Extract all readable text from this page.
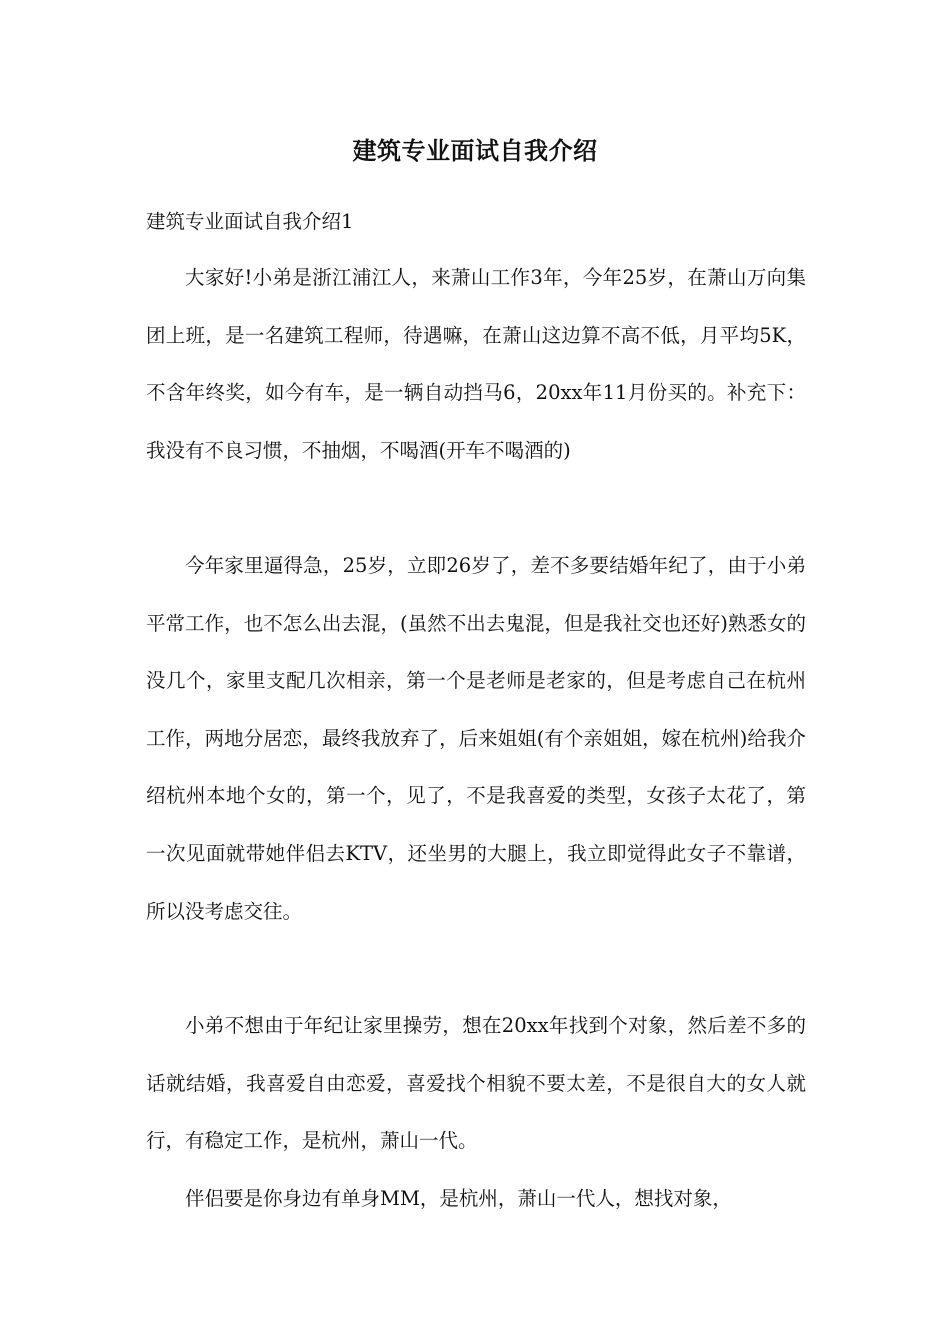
建筑专业面试自我介绍
建筑专业面试自我介绍1

大家好!小弟是浙江浦江人，来萧山工作3年，今年25岁，在萧山万向集团上班，是一名建筑工程师，待遇嘛，在萧山这边算不高不低，月平均5K，不含年终奖，如今有车，是一辆自动挡马6，20xx年11月份买的。补充下：我没有不良习惯，不抽烟，不喝酒(开车不喝酒的)

今年家里逼得急，25岁，立即26岁了，差不多要结婚年纪了，由于小弟平常工作，也不怎么出去混，(虽然不出去鬼混，但是我社交也还好)熟悉女的没几个，家里支配几次相亲，第一个是老师是老家的，但是考虑自己在杭州工作，两地分居恋，最终我放弃了，后来姐姐(有个亲姐姐，嫁在杭州)给我介绍杭州本地个女的，第一个，见了，不是我喜爱的类型，女孩子太花了，第一次见面就带她伴侣去KTV，还坐男的大腿上，我立即觉得此女子不靠谱，所以没考虑交往。

小弟不想由于年纪让家里操劳，想在20xx年找到个对象，然后差不多的话就结婚，我喜爱自由恋爱，喜爱找个相貌不要太差，不是很自大的女人就行，有稳定工作，是杭州，萧山一代。

伴侣要是你身边有单身MM，是杭州，萧山一代人，想找对象，
